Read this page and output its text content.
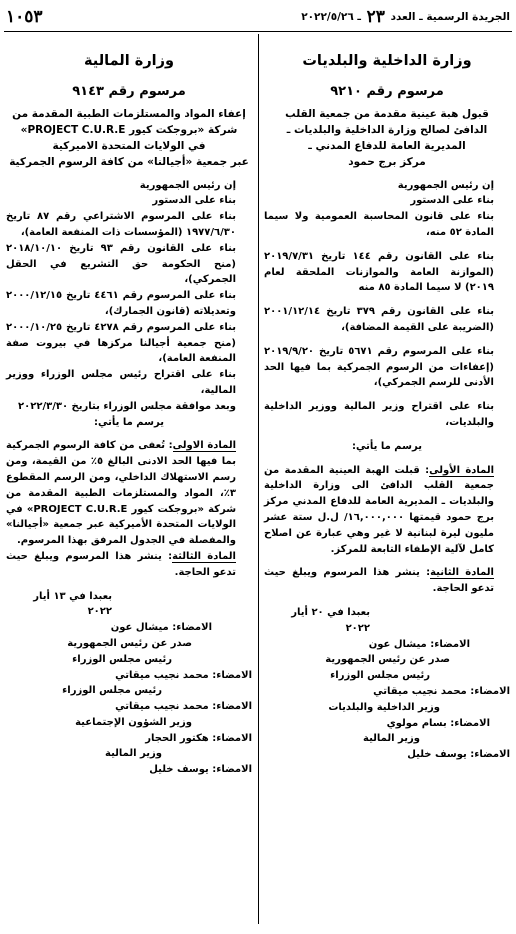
١٠٥٣	الجريدة الرسمية ـ العدد ٢٣ ـ ٢٠٢٢/٥/٢٦
وزارة الداخلية والبلديات
مرسوم رقم ٩٢١٠
قبول هبة عينية مقدمة من جمعية القلب
الدافئ لصالح وزارة الداخلية والبلديات ـ
المديرية العامة للدفاع المدني ـ
مركز برج حمود

إن رئيس الجمهورية

بناء على الدستور

بناء على قانون المحاسبة العمومية ولا سيما المادة ٥٢ منه،

بناء على القانون رقم ١٤٤ تاريخ ٢٠١٩/٧/٣١ (الموازنة العامة والموازنات الملحقة لعام ٢٠١٩) لا سيما المادة ٨٥ منه

بناء على القانون رقم ٣٧٩ تاريخ ٢٠٠١/١٢/١٤ (الضريبة على القيمة المضافة)،

بناء على المرسوم رقم ٥٦٧١ تاريخ ٢٠١٩/٩/٢٠ (إعفاءات من الرسوم الجمركية بما فيها الحد الأدنى للرسم الجمركي)،

بناء على اقتراح وزير المالية ووزير الداخلية والبلديات،

يرسم ما يأتي:

المادة الأولى: قبلت الهبة العينية المقدمة من جمعية القلب الدافئ الى وزارة الداخلية والبلديات ـ المديرية العامة للدفاع المدني مركز برج حمود قيمتها ١٦,٠٠٠,٠٠٠/ ل.ل ستة عشر مليون ليرة لبنانية لا غير وهي عبارة عن اصلاح كامل لآلية الإطفاء التابعة للمركز.

المادة الثانية: ينشر هذا المرسوم ويبلغ حيث تدعو الحاجة.

بعبدا في ٢٠ أيار ٢٠٢٢

الامضاء: ميشال عون

صدر عن رئيس الجمهورية

رئيس مجلس الوزراء

الامضاء: محمد نجيب ميقاتي

وزير الداخلية والبلديات

الامضاء: بسام مولوي

وزير المالية

الامضاء: يوسف خليل

وزارة المالية
مرسوم رقم ٩١٤٣
إعفاء المواد والمستلزمات الطبية المقدمة من
شركة «بروجكت كيور PROJECT C.U.R.E»
في الولايات المتحدة الاميركية
عبر جمعية «أجيالنا» من كافة الرسوم الجمركية

إن رئيس الجمهورية

بناء على الدستور

بناء على المرسوم الاشتراعي رقم ٨٧ تاريخ ١٩٧٧/٦/٣٠ (المؤسسات ذات المنفعة العامة)،

بناء على القانون رقم ٩٣ تاريخ ٢٠١٨/١٠/١٠ (منح الحكومة حق التشريع في الحقل الجمركي)،

بناء على المرسوم رقم ٤٤٦١ تاريخ ٢٠٠٠/١٢/١٥ وتعديلاته (قانون الجمارك)،

بناء على المرسوم رقم ٤٢٧٨ تاريخ ٢٠٠٠/١٠/٢٥ (منح جمعية أجيالنا مركزها في بيروت صفة المنفعة العامة)،

بناء على اقتراح رئيس مجلس الوزراء ووزير المالية،

وبعد موافقة مجلس الوزراء بتاريخ ٢٠٢٢/٣/٣٠

يرسم ما يأتي:

المادة الاولى: تُعفى من كافة الرسوم الجمركية بما فيها الحد الادنى البالغ ٥٪ من القيمة، ومن رسم الاستهلاك الداخلي، ومن الرسم المقطوع ٣٪، المواد والمستلزمات الطبية المقدمة من شركة «بروجكت كيور PROJECT C.U.R.E» في الولايات المتحدة الأميركية عبر جمعية «أجيالنا» والمفصلة في الجدول المرفق بهذا المرسوم.

المادة الثالثة: ينشر هذا المرسوم ويبلغ حيث تدعو الحاجة.

بعبدا في ١٣ أيار ٢٠٢٢

الامضاء: ميشال عون

صدر عن رئيس الجمهورية

رئيس مجلس الوزراء

الامضاء: محمد نجيب ميقاتي

رئيس مجلس الوزراء

الامضاء: محمد نجيب ميقاتي

وزير الشؤون الإجتماعية

الامضاء: هكتور الحجار

وزير المالية

الامضاء: يوسف خليل
